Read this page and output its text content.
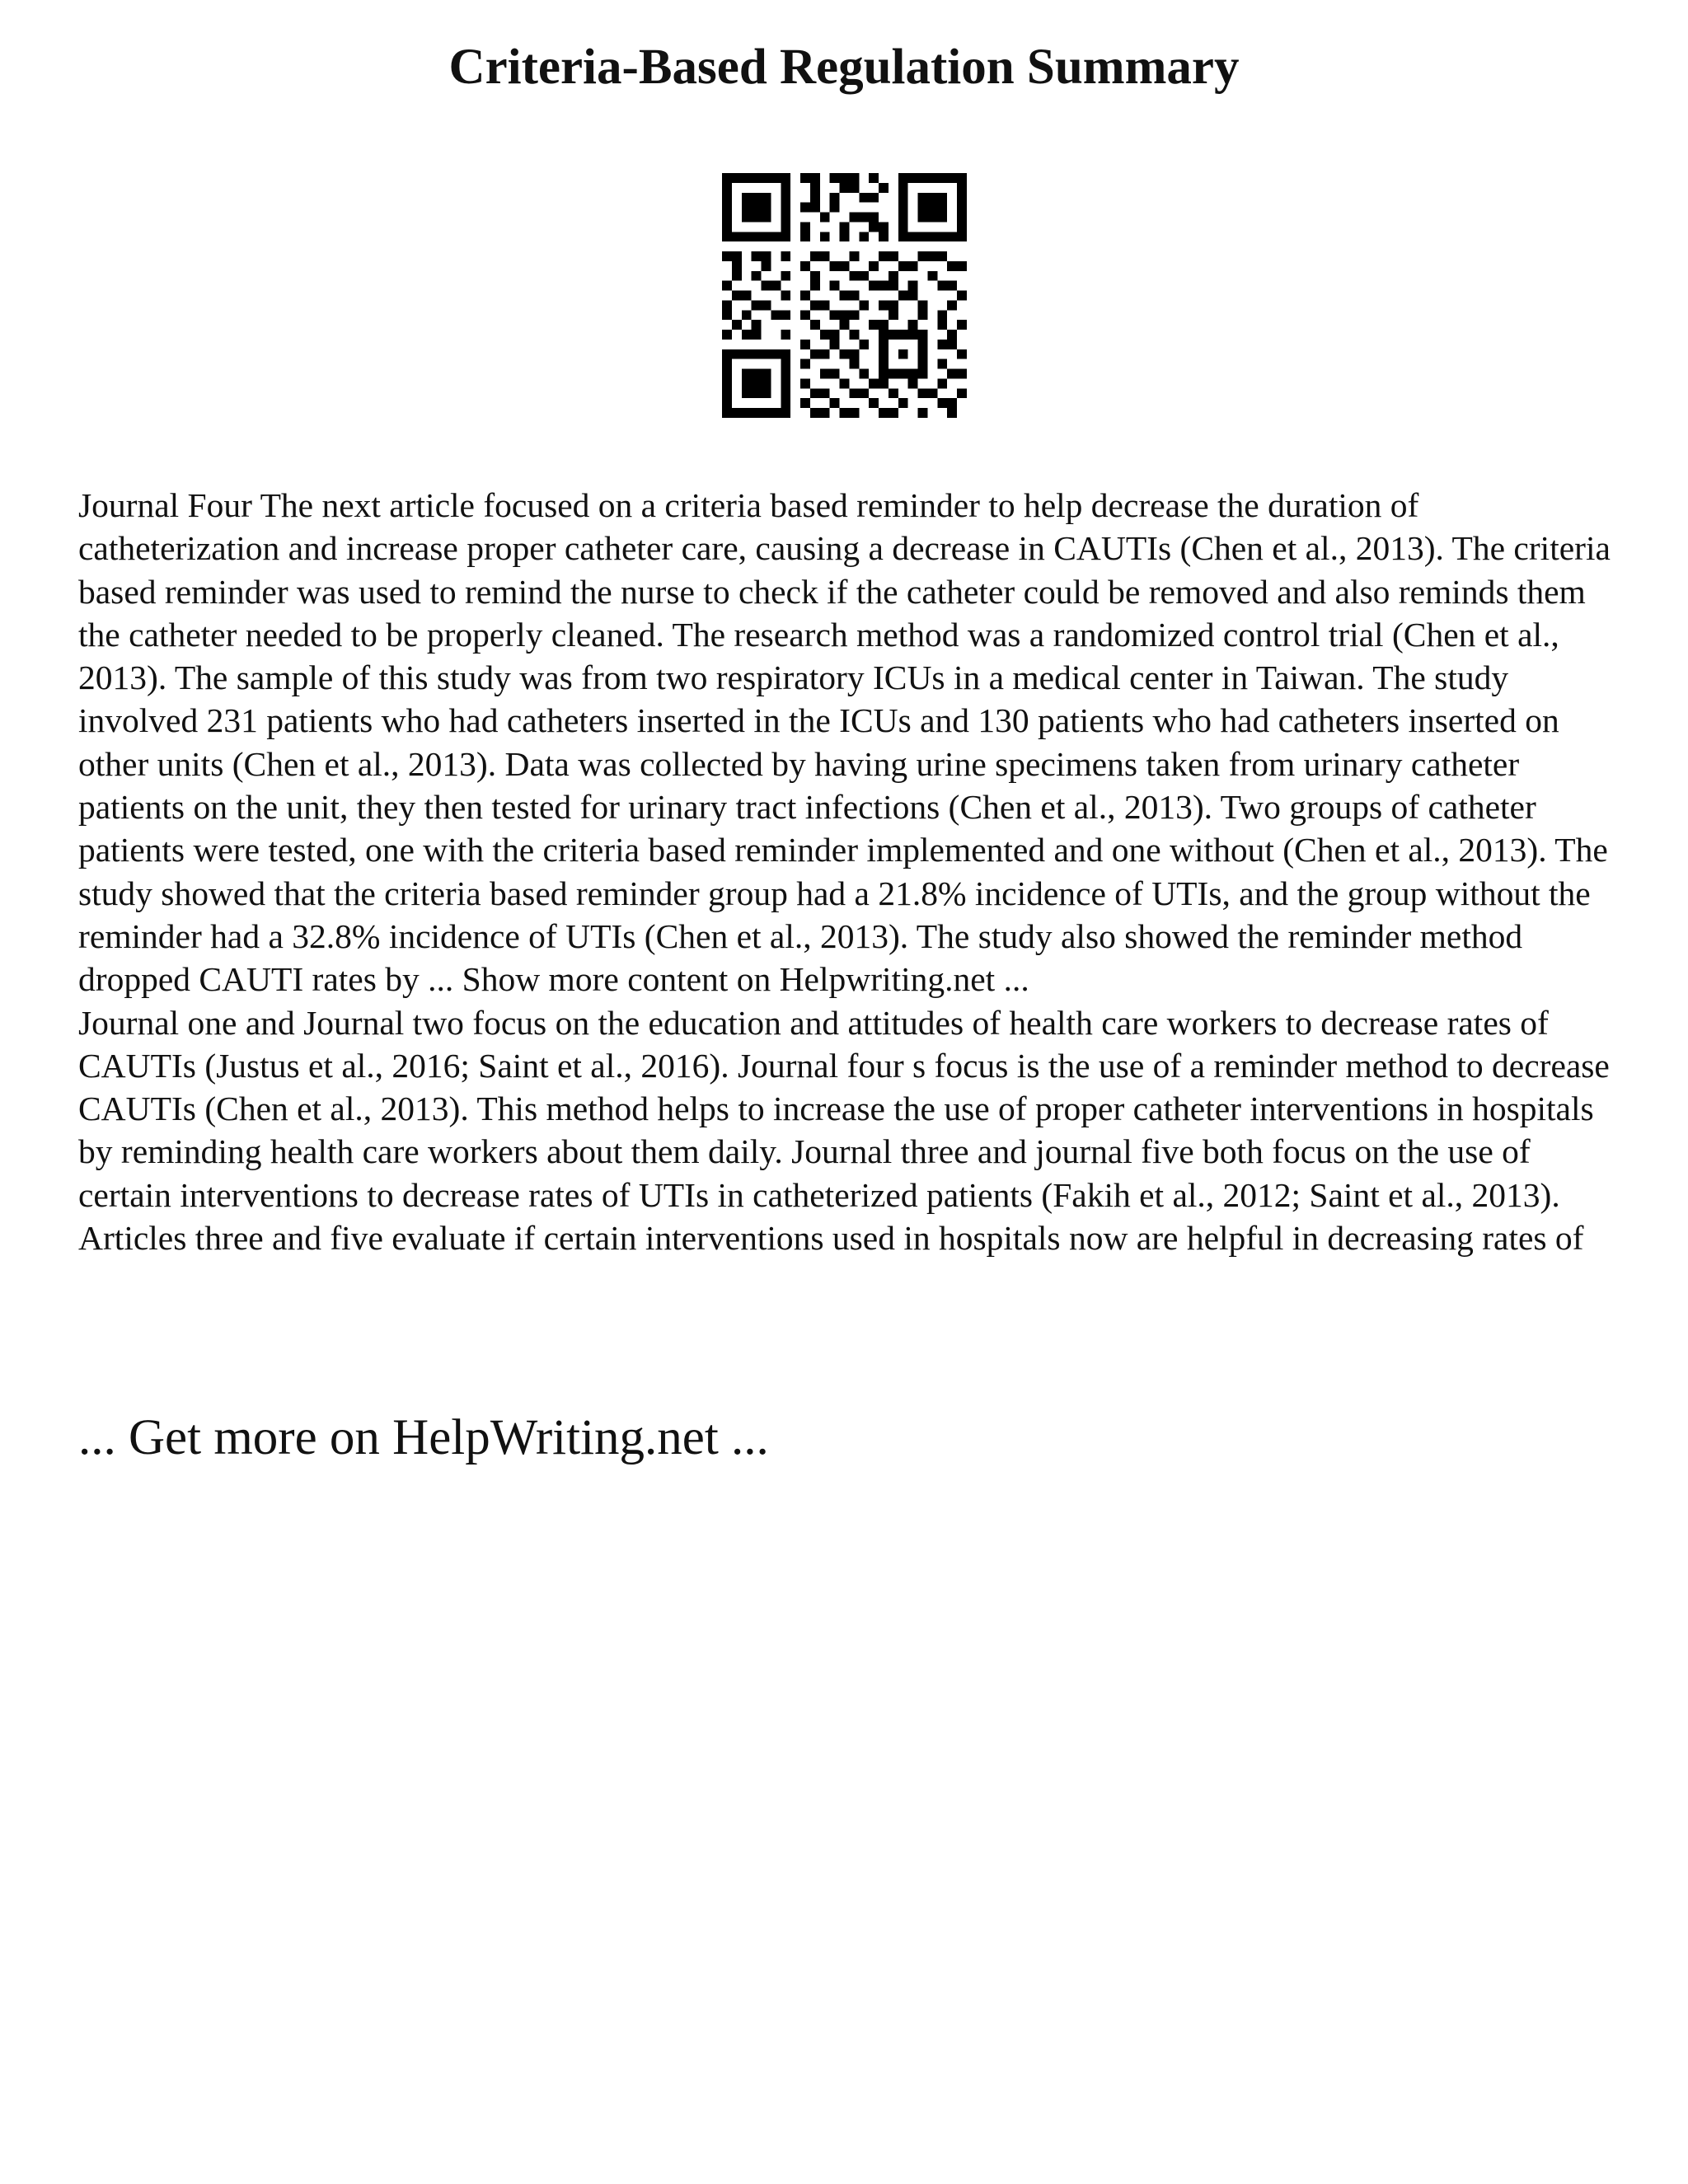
Criteria-Based Regulation Summary

Journal Four The next article focused on a criteria based reminder to help decrease the duration of catheterization and increase proper catheter care, causing a decrease in CAUTIs (Chen et al., 2013). The criteria based reminder was used to remind the nurse to check if the catheter could be removed and also reminds them the catheter needed to be properly cleaned. The research method was a randomized control trial (Chen et al., 2013). The sample of this study was from two respiratory ICUs in a medical center in Taiwan. The study involved 231 patients who had catheters inserted in the ICUs and 130 patients who had catheters inserted on other units (Chen et al., 2013). Data was collected by having urine specimens taken from urinary catheter patients on the unit, they then tested for urinary tract infections (Chen et al., 2013). Two groups of catheter patients were tested, one with the criteria based reminder implemented and one without (Chen et al., 2013). The study showed that the criteria based reminder group had a 21.8% incidence of UTIs, and the group without the reminder had a 32.8% incidence of UTIs (Chen et al., 2013). The study also showed the reminder method dropped CAUTI rates by ... Show more content on Helpwriting.net ...

Journal one and Journal two focus on the education and attitudes of health care workers to decrease rates of CAUTIs (Justus et al., 2016; Saint et al., 2016). Journal four s focus is the use of a reminder method to decrease CAUTIs (Chen et al., 2013). This method helps to increase the use of proper catheter interventions in hospitals by reminding health care workers about them daily. Journal three and journal five both focus on the use of certain interventions to decrease rates of UTIs in catheterized patients (Fakih et al., 2012; Saint et al., 2013). Articles three and five evaluate if certain interventions used in hospitals now are helpful in decreasing rates of

... Get more on HelpWriting.net ...
